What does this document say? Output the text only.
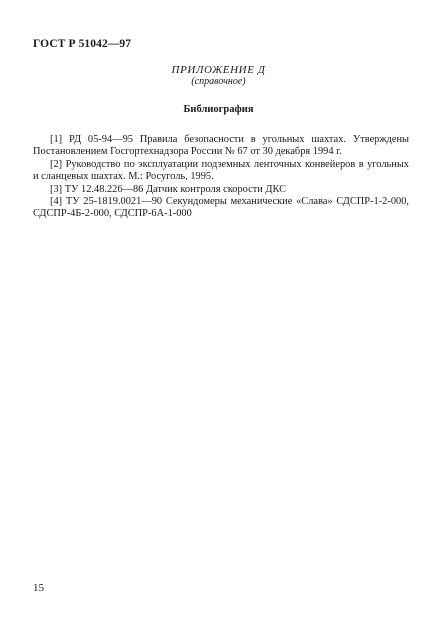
ГОСТ Р 51042—97
ПРИЛОЖЕНИЕ Д
(справочное)
Библиография

[1] РД 05-94—95 Правила безопасности в угольных шахтах. Утверждены Постановлением Госгортехнадзора России № 67 от 30 декабря 1994 г.

[2] Руководство по эксплуатации подземных ленточных конвейеров в угольных и сланцевых шахтах. М.: Росуголь, 1995.

[3] ТУ 12.48.226—86 Датчик контроля скорости ДКС

[4] ТУ 25-1819.0021—90 Секундомеры механические «Слава» СДСПР-1-2-000, СДСПР-4Б-2-000, СДСПР-6А-1-000

15
